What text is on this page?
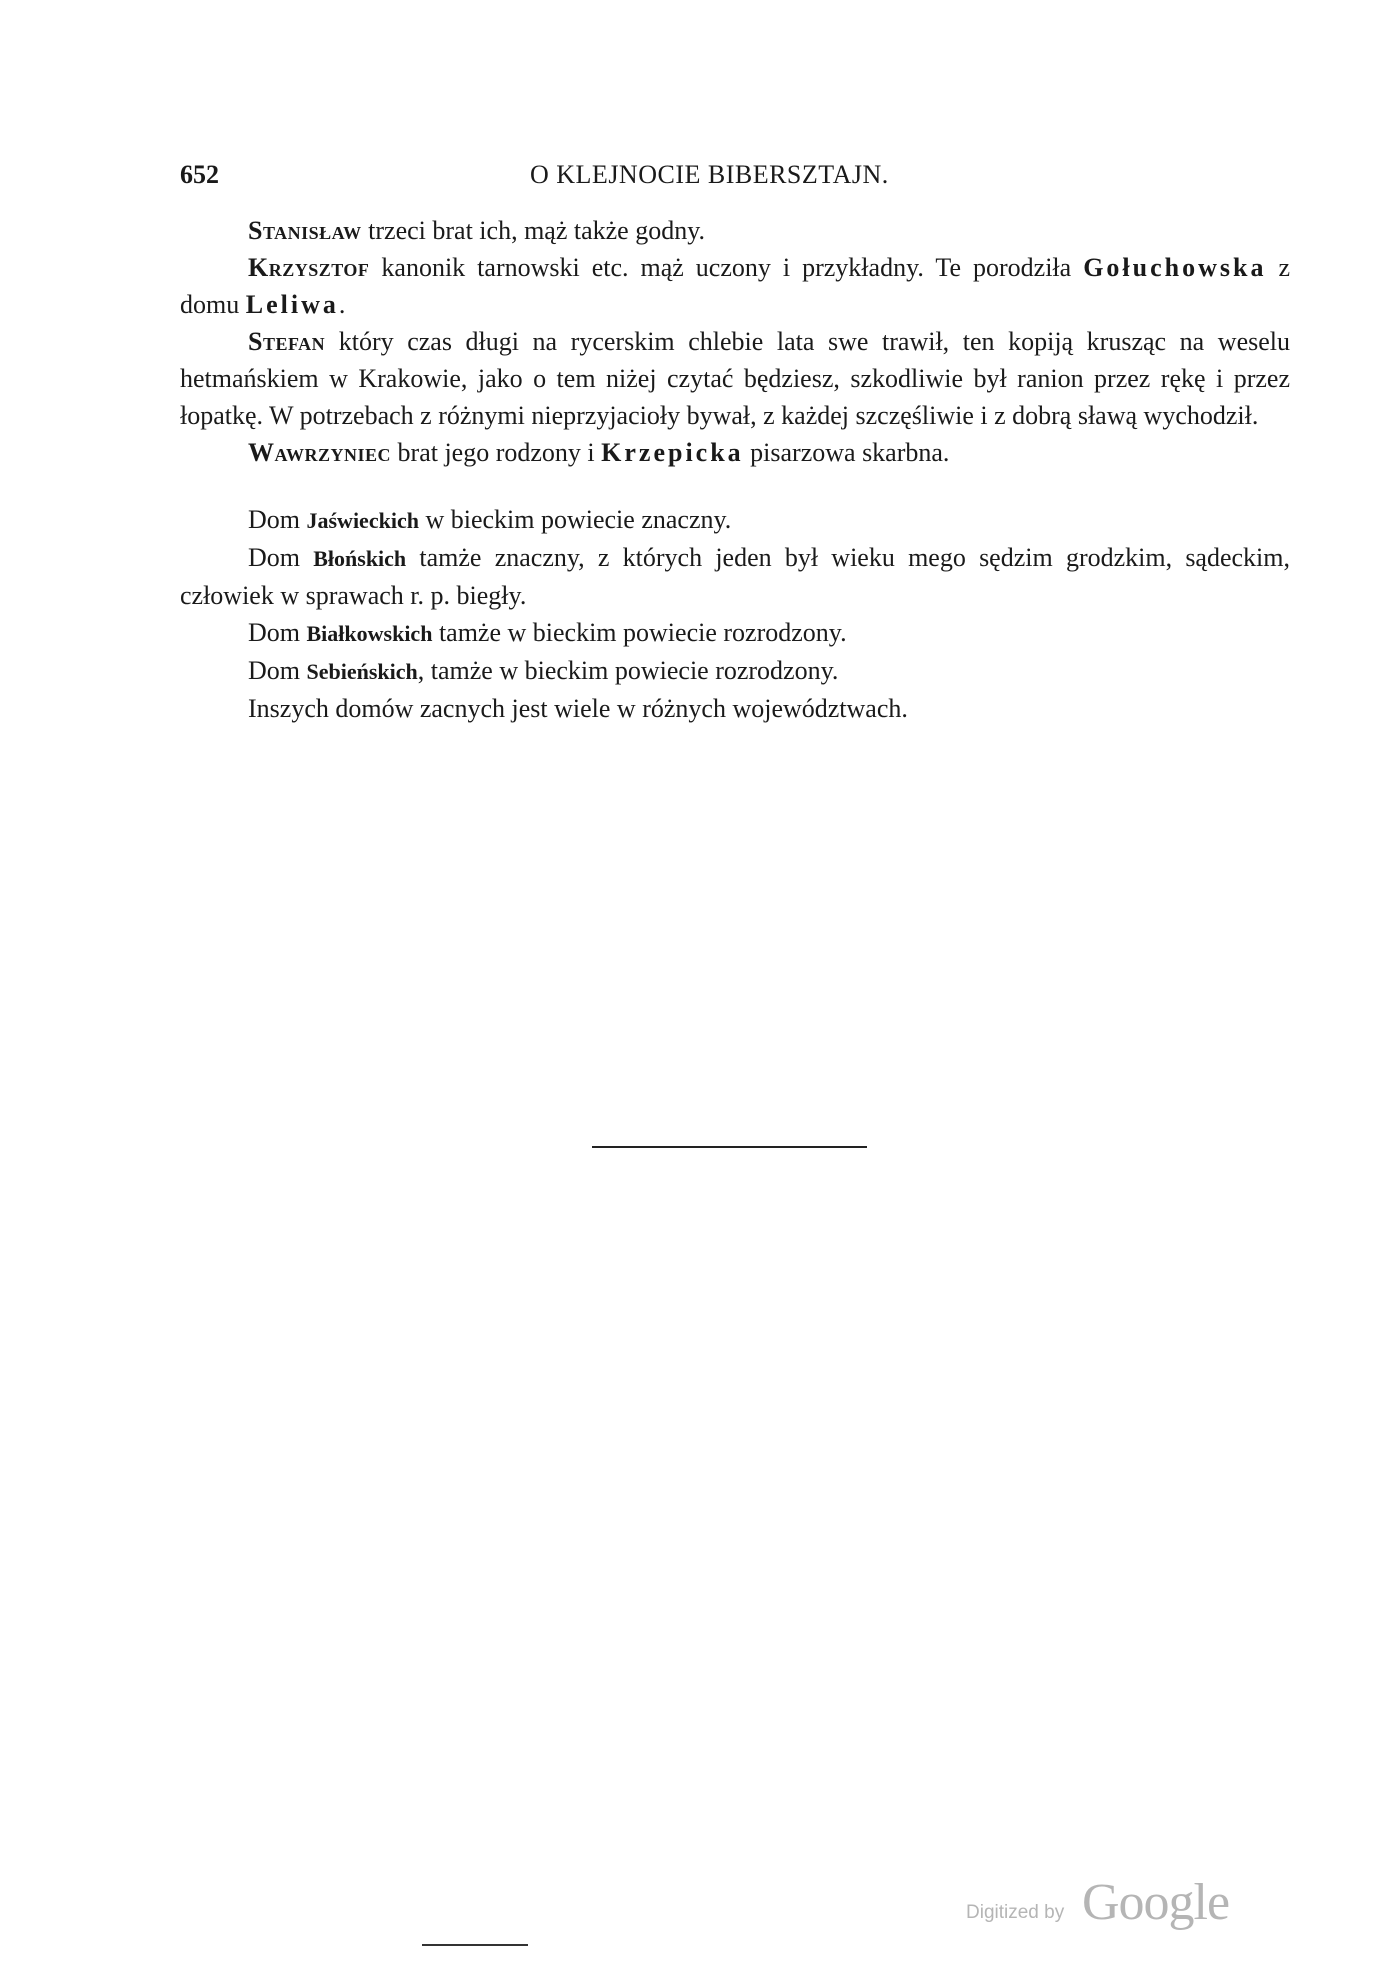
652	O KLEJNOCIE BIBERSZTAJN.

Stanisław trzeci brat ich, mąż także godny.

Krzysztof kanonik tarnowski etc. mąż uczony i przykładny. Te porodziła Gołuchowska z domu Leliwa.

Stefan który czas długi na rycerskim chlebie lata swe trawił, ten kopiją krusząc na weselu hetmańskiem w Krakowie, jako o tem niżej czytać będziesz, szkodliwie był ranion przez rękę i przez łopatkę. W potrzebach z różnymi nieprzyjacioły bywał, z każdej szczęśliwie i z dobrą sławą wychodził.

Wawrzyniec brat jego rodzony i Krzepicka pisarzowa skarbna.

Dom Jaświeckich w bieckim powiecie znaczny.

Dom Błońskich tamże znaczny, z których jeden był wieku mego sędzim grodzkim, sądeckim, człowiek w sprawach r. p. biegły.

Dom Białkowskich tamże w bieckim powiecie rozrodzony.

Dom Sebieńskich, tamże w bieckim powiecie rozrodzony.

Inszych domów zacnych jest wiele w różnych województwach.

Digitized by Google
